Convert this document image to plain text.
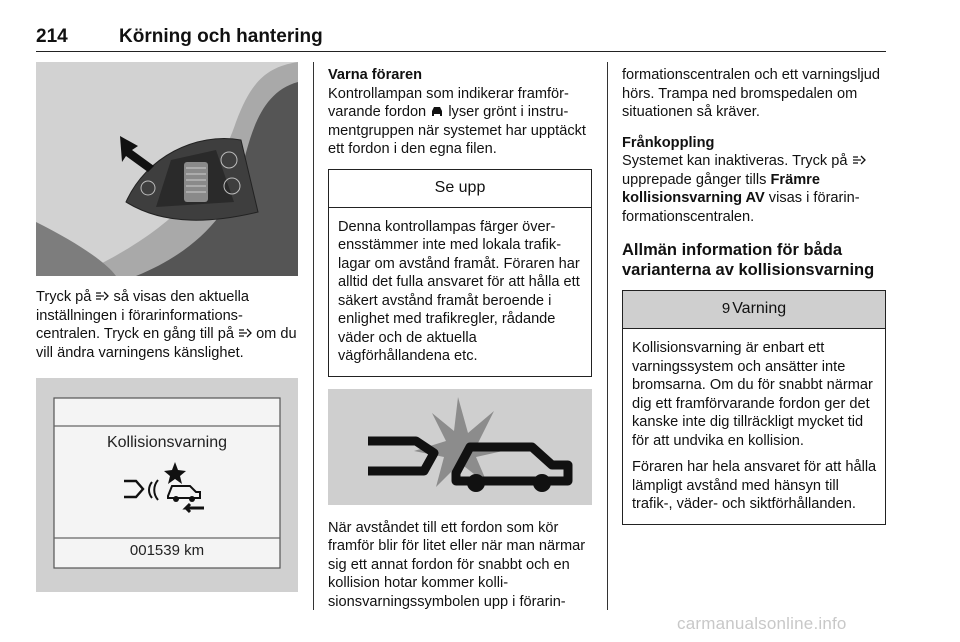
214	Körning och hantering

Tryck på så visas den aktuella inställningen i förarinformationscentralen. Tryck en gång till på om du vill ändra varningens känslighet.

Kollisionsvarning
001539 km

Varna föraren

Kontrollampan som indikerar framförvarande fordon lyser grönt i instrumentgruppen när systemet har upptäckt ett fordon i den egna filen.

Se upp

Denna kontrollampas färger överensstämmer inte med lokala trafiklagar om avstånd framåt. Föraren har alltid det fulla ansvaret för att hålla ett säkert avstånd framåt beroende i enlighet med trafikregler, rådande väder och de aktuella vägförhållandena etc.

När avståndet till ett fordon som kör framför blir för litet eller när man närmar sig ett annat fordon för snabbt och en kollision hotar kommer kollisionsvarningssymbolen upp i förarin-

formationscentralen och ett varningsljud hörs. Trampa ned bromspedalen om situationen så kräver.

Frånkoppling

Systemet kan inaktiveras. Tryck på  upprepade gånger tills Främre kollisionsvarning AV visas i förarinformationscentralen.

Allmän information för båda varianterna av kollisionsvarning

9 Varning

Kollisionsvarning är enbart ett varningssystem och ansätter inte bromsarna. Om du för snabbt närmar dig ett framförvarande fordon ger det kanske inte dig tillräckligt mycket tid för att undvika en kollision.

Föraren har hela ansvaret för att hålla lämpligt avstånd med hänsyn till trafik-, väder- och siktförhållanden.

carmanualsonline.info
